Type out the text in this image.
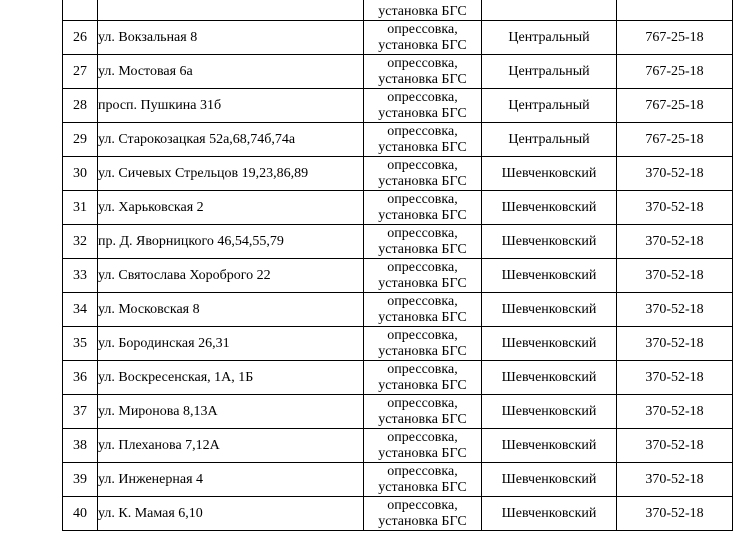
		установка БГС		

26	ул. Вокзальная 8	опрессовка,
установка БГС	Центральный	767-25-18
27	ул. Мостовая 6а	опрессовка,
установка БГС	Центральный	767-25-18
28	просп. Пушкина 31б	опрессовка,
установка БГС	Центральный	767-25-18
29	ул. Старокозацкая 52а,68,74б,74а	опрессовка,
установка БГС	Центральный	767-25-18
30	ул. Сичевых Стрельцов 19,23,86,89	опрессовка,
установка БГС	Шевченковский	370-52-18
31	ул. Харьковская 2	опрессовка,
установка БГС	Шевченковский	370-52-18
32	пр. Д. Яворницкого 46,54,55,79	опрессовка,
установка БГС	Шевченковский	370-52-18
33	ул. Святослава Хороброго 22	опрессовка,
установка БГС	Шевченковский	370-52-18
34	ул. Московская 8	опрессовка,
установка БГС	Шевченковский	370-52-18
35	ул. Бородинская 26,31	опрессовка,
установка БГС	Шевченковский	370-52-18
36	ул. Воскресенская, 1А, 1Б	опрессовка,
установка БГС	Шевченковский	370-52-18
37	ул. Миронова 8,13А	опрессовка,
установка БГС	Шевченковский	370-52-18
38	ул. Плеханова 7,12А	опрессовка,
установка БГС	Шевченковский	370-52-18
39	ул. Инженерная 4	опрессовка,
установка БГС	Шевченковский	370-52-18
40	ул. К. Мамая 6,10	опрессовка,
установка БГС	Шевченковский	370-52-18
